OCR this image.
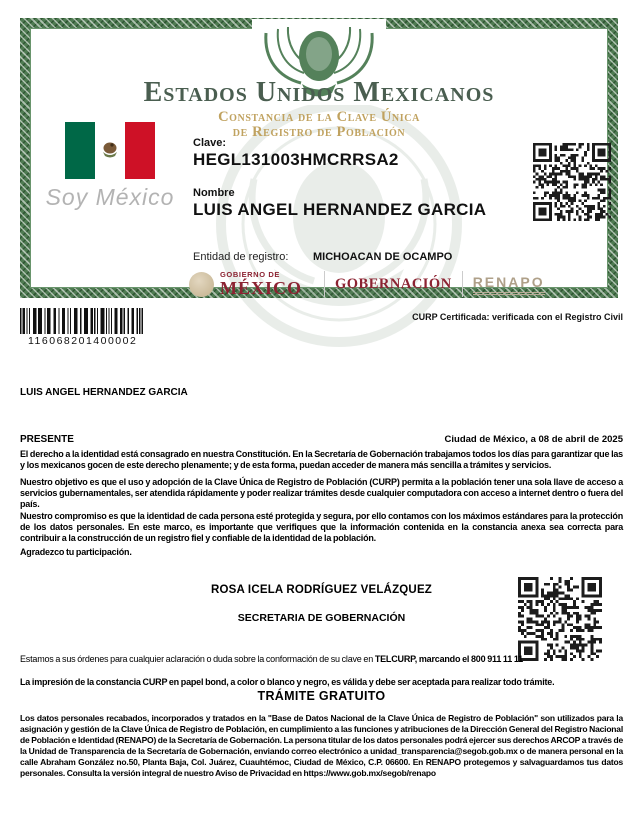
Estados Unidos Mexicanos
Constancia de la Clave Única
de Registro de Población
Soy México
Clave:
HEGL131003HMCRRSA2
Nombre
LUIS ANGEL HERNANDEZ GARCIA
Entidad de registro: MICHOACAN DE OCAMPO
GOBIERNO DE
MÉXICO GOBERNACIÓN RENAPO
116068201400002
CURP Certificada: verificada con el Registro Civil
LUIS ANGEL HERNANDEZ GARCIA
PRESENTE	Ciudad de México, a 08 de abril de 2025
El derecho a la identidad está consagrado en nuestra Constitución. En la Secretaría de Gobernación trabajamos todos los días para garantizar que las y los mexicanos gocen de este derecho plenamente; y de esta forma, puedan acceder de manera más sencilla a trámites y servicios.
Nuestro objetivo es que el uso y adopción de la Clave Única de Registro de Población (CURP) permita a la población tener una sola llave de acceso a servicios gubernamentales, ser atendida rápidamente y poder realizar trámites desde cualquier computadora con acceso a internet dentro o fuera del país.
Nuestro compromiso es que la identidad de cada persona esté protegida y segura, por ello contamos con los máximos estándares para la protección de los datos personales. En este marco, es importante que verifiques que la información contenida en la constancia anexa sea correcta para contribuir a la construcción de un registro fiel y confiable de la identidad de la población.
Agradezco tu participación.
ROSA ICELA RODRÍGUEZ VELÁZQUEZ
SECRETARIA DE GOBERNACIÓN
Estamos a sus órdenes para cualquier aclaración o duda sobre la conformación de su clave en TELCURP, marcando el 800 911 11 11
La impresión de la constancia CURP en papel bond, a color o blanco y negro, es válida y debe ser aceptada para realizar todo trámite.
TRÁMITE GRATUITO
Los datos personales recabados, incorporados y tratados en la "Base de Datos Nacional de la Clave Única de Registro de Población" son utilizados para la asignación y gestión de la Clave Única de Registro de Población, en cumplimiento a las funciones y atribuciones de la Dirección General del Registro Nacional de Población e Identidad (RENAPO) de la Secretaría de Gobernación. La persona titular de los datos personales podrá ejercer sus derechos ARCOP a través de la Unidad de Transparencia de la Secretaría de Gobernación, enviando correo electrónico a unidad_transparencia@segob.gob.mx o de manera personal en la calle Abraham González no.50, Planta Baja, Col. Juárez, Cuauhtémoc, Ciudad de México, C.P. 06600. En RENAPO protegemos y salvaguardamos tus datos personales. Consulta la versión integral de nuestro Aviso de Privacidad en https://www.gob.mx/segob/renapo
